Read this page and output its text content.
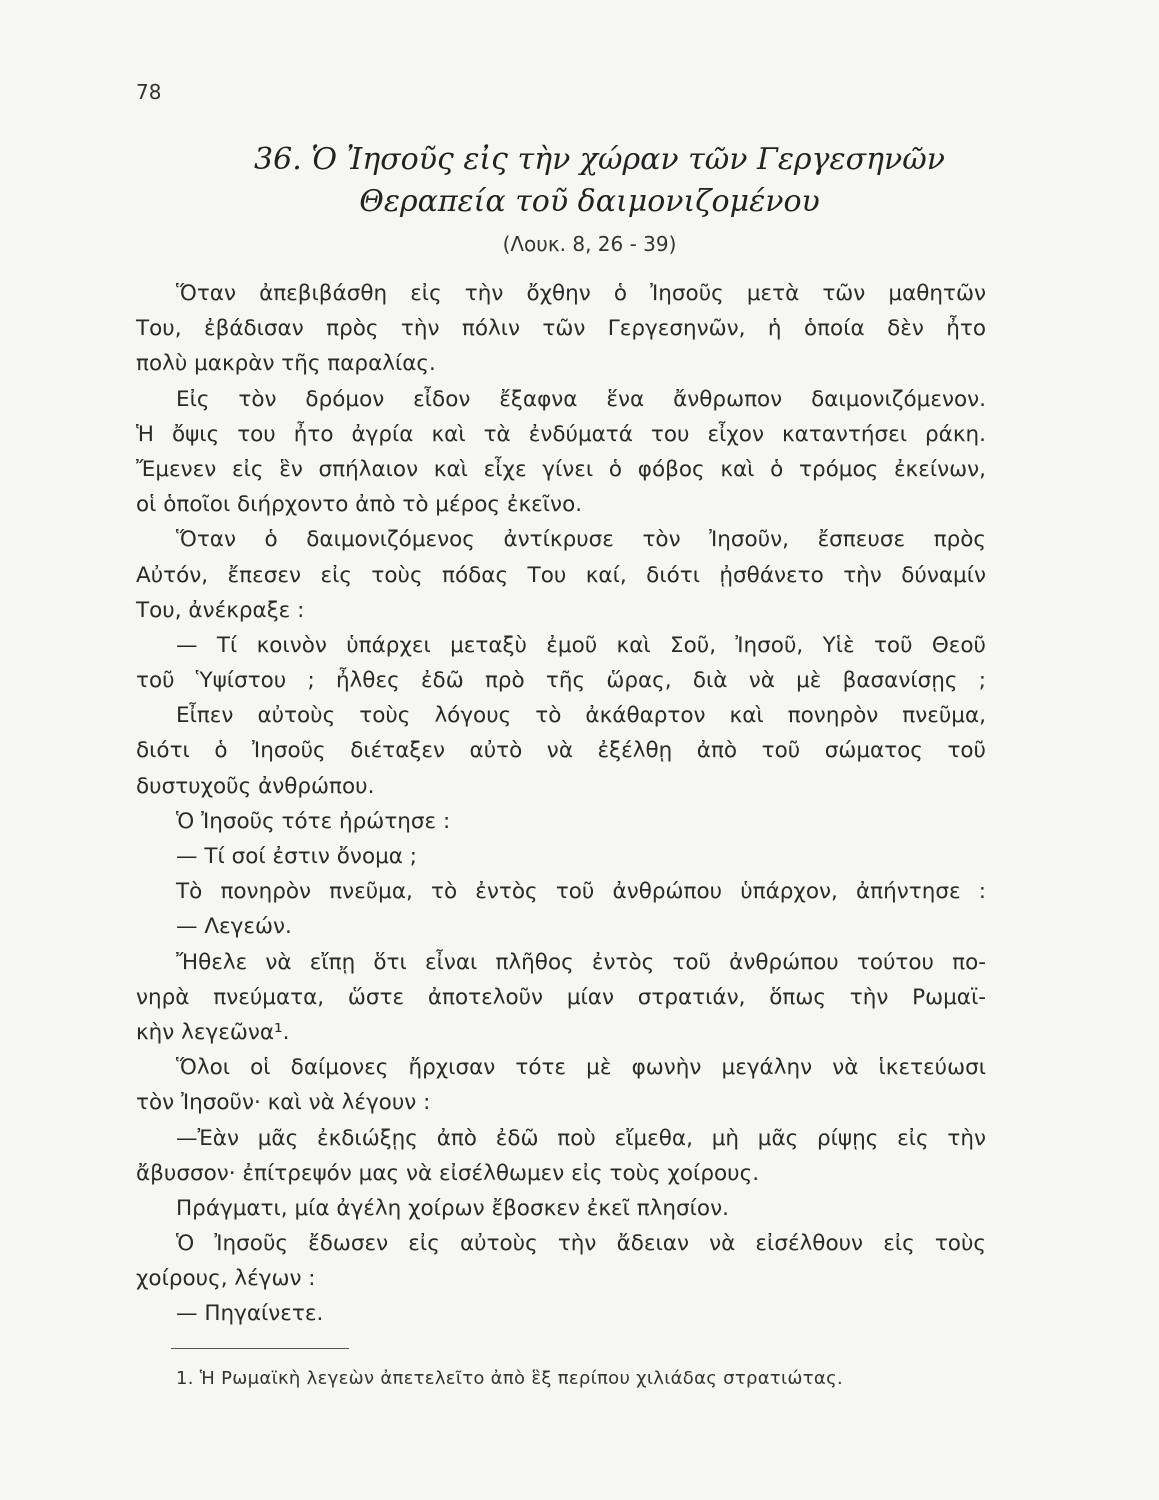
78
36. Ὁ Ἰησοῦς εἰς τὴν χώραν τῶν Γεργεσηνῶν
Θεραπεία τοῦ δαιμονιζομένου
(Λουκ. 8, 26 - 39)
Ὅταν ἀπεβιβάσθη εἰς τὴν ὄχθην ὁ Ἰησοῦς μετὰ τῶν μαθητῶν
Του, ἐβάδισαν πρὸς τὴν πόλιν τῶν Γεργεσηνῶν, ἡ ὁποία δὲν ἦτο
πολὺ μακρὰν τῆς παραλίας.
Εἰς τὸν δρόμον εἶδον ἔξαφνα ἕνα ἄνθρωπον δαιμονιζόμενον.
Ἡ ὄψις του ἦτο ἀγρία καὶ τὰ ἐνδύματά του εἶχον καταντήσει ράκη.
Ἔμενεν εἰς ἓν σπήλαιον καὶ εἶχε γίνει ὁ φόβος καὶ ὁ τρόμος ἐκείνων,
οἱ ὁποῖοι διήρχοντο ἀπὸ τὸ μέρος ἐκεῖνο.
Ὅταν ὁ δαιμονιζόμενος ἀντίκρυσε τὸν Ἰησοῦν, ἔσπευσε πρὸς
Αὐτόν, ἔπεσεν εἰς τοὺς πόδας Του καί, διότι ᾐσθάνετο τὴν δύναμίν
Του, ἀνέκραξε :
— Τί κοινὸν ὑπάρχει μεταξὺ ἐμοῦ καὶ Σοῦ, Ἰησοῦ, Υἱὲ τοῦ Θεοῦ
τοῦ Ὑψίστου ; ἦλθες ἐδῶ πρὸ τῆς ὥρας, διὰ νὰ μὲ βασανίσῃς ;
Εἶπεν αὐτοὺς τοὺς λόγους τὸ ἀκάθαρτον καὶ πονηρὸν πνεῦμα,
διότι ὁ Ἰησοῦς διέταξεν αὐτὸ νὰ ἐξέλθῃ ἀπὸ τοῦ σώματος τοῦ
δυστυχοῦς ἀνθρώπου.
Ὁ Ἰησοῦς τότε ἠρώτησε :
— Τί σοί ἐστιν ὄνομα ;
Τὸ πονηρὸν πνεῦμα, τὸ ἐντὸς τοῦ ἀνθρώπου ὑπάρχον, ἀπήντησε :
— Λεγεών.
Ἤθελε νὰ εἴπῃ ὅτι εἶναι πλῆθος ἐντὸς τοῦ ἀνθρώπου τούτου πο-
νηρὰ πνεύματα, ὥστε ἀποτελοῦν μίαν στρατιάν, ὅπως τὴν Ρωμαϊ-
κὴν λεγεῶνα¹.
Ὅλοι οἱ δαίμονες ἤρχισαν τότε μὲ φωνὴν μεγάλην νὰ ἱκετεύωσι
τὸν Ἰησοῦν· καὶ νὰ λέγουν :
—Ἐὰν μᾶς ἐκδιώξῃς ἀπὸ ἐδῶ ποὺ εἴμεθα, μὴ μᾶς ρίψῃς εἰς τὴν
ἄβυσσον· ἐπίτρεψόν μας νὰ εἰσέλθωμεν εἰς τοὺς χοίρους.
Πράγματι, μία ἀγέλη χοίρων ἔβοσκεν ἐκεῖ πλησίον.
Ὁ Ἰησοῦς ἔδωσεν εἰς αὐτοὺς τὴν ἄδειαν νὰ εἰσέλθουν εἰς τοὺς
χοίρους, λέγων :
— Πηγαίνετε.
1. Ἡ Ρωμαϊκὴ λεγεὼν ἀπετελεῖτο ἀπὸ ἓξ περίπου χιλιάδας στρατιώτας.
